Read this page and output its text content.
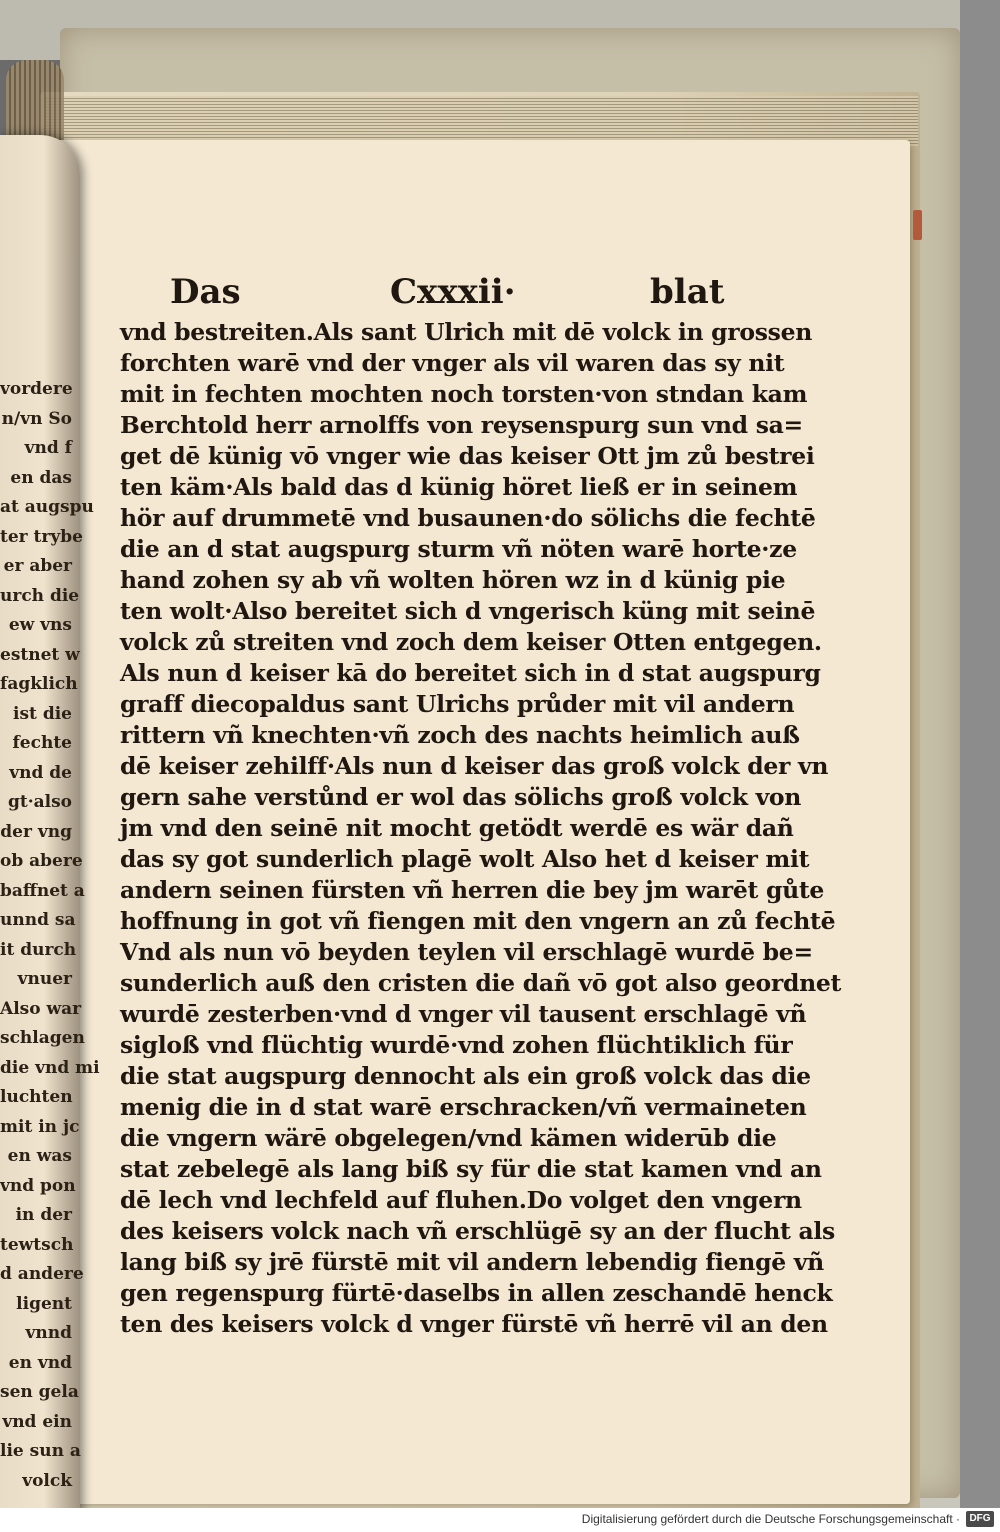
Das	Cxxxii·	blat
vnd bestreiten.Als sant Ulrich mit dē volck in grossen
forchten warē vnd der vnger als vil waren das sy nit
mit in fechten mochten noch torsten·von stndan kam
Berchtold herr arnolffs von reysenspurg sun vnd sa=
get dē künig vō vnger wie das keiser Ott jm zů bestrei
ten käm·Als bald das d künig höret ließ er in seinem
hör auf drummetē vnd busaunen·do sölichs die fechtē
die an d stat augspurg sturm vñ nöten warē horte·ze
hand zohen sy ab vñ wolten hören wz in d künig pie
ten wolt·Also bereitet sich d vngerisch küng mit seinē
volck zů streiten vnd zoch dem keiser Otten entgegen.
Als nun d keiser kā do bereitet sich in d stat augspurg
graff diecopaldus sant Ulrichs průder mit vil andern
rittern vñ knechten·vñ zoch des nachts heimlich auß
dē keiser zehilff·Als nun d keiser das groß volck der vn
gern sahe verstůnd er wol das sölichs groß volck von
jm vnd den seinē nit mocht getödt werdē es wär dañ
das sy got sunderlich plagē wolt Also het d keiser mit
andern seinen fürsten vñ herren die bey jm warēt gůte
hoffnung in got vñ fiengen mit den vngern an zů fechtē
Vnd als nun vō beyden teylen vil erschlagē wurdē be=
sunderlich auß den cristen die dañ vō got also geordnet
wurdē zesterben·vnd d vnger vil tausent erschlagē vñ
sigloß vnd flüchtig wurdē·vnd zohen flüchtiklich für
die stat augspurg dennocht als ein groß volck das die
menig die in d stat warē erschracken/vñ vermaineten
die vngern wärē obgelegen/vnd kämen widerūb die
stat zebelegē als lang biß sy für die stat kamen vnd an
dē lech vnd lechfeld auf fluhen.Do volget den vngern
des keisers volck nach vñ erschlügē sy an der flucht als
lang biß sy jrē fürstē mit vil andern lebendig fiengē vñ
gen regenspurg fürtē·daselbs in allen zeschandē henck
ten des keisers volck d vnger fürstē vñ herrē vil an den
vordere
n/vn So
vnd f
en das
at augspu
ter trybe
er aber
urch die
ew vns
estnet w
fagklich
ist die
fechte
vnd de
gt·also
der vng
ob abere
baffnet a
unnd sa
it durch
vnuer
Also war
schlagen
die vnd mi
luchten
mit in jc
en was
vnd pon
in der
tewtsch
d andere
ligent
vnnd
en vnd
sen gela
vnd ein
lie sun a
volck
Digitalisierung gefördert durch die Deutsche Forschungsgemeinschaft · DFG
